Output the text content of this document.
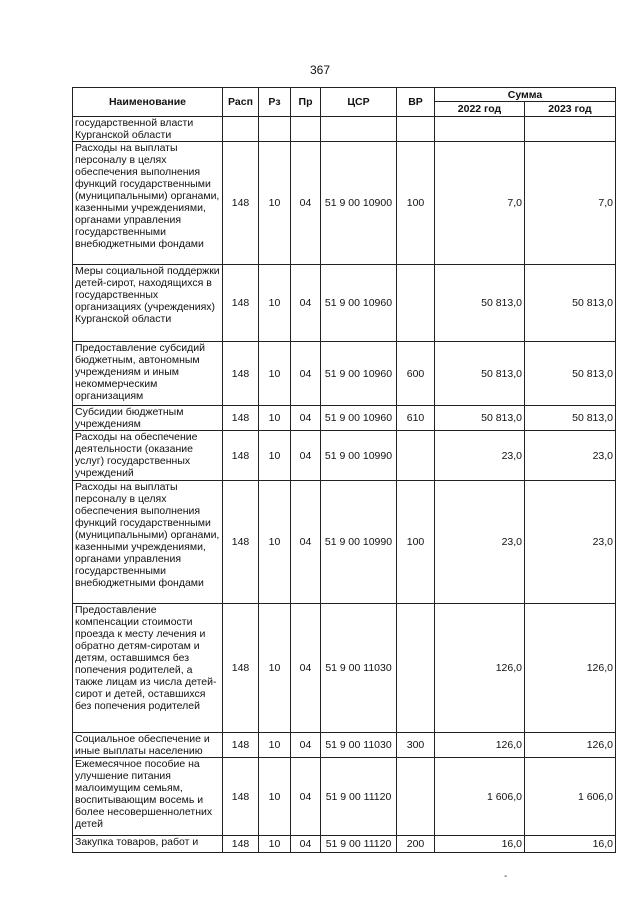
367
Наименование	Расп	Рз	Пр	ЦСР	ВР	Сумма	
						2022 год	2023 год
государственной власти Курганской области							
Расходы на выплаты персоналу в целях обеспечения выполнения функций государственными (муниципальными) органами, казенными учреждениями, органами управления государственными внебюджетными фондами	148	10	04	51 9 00 10900	100	7,0	7,0
Меры социальной поддержки детей-сирот, находящихся в государственных организациях (учреждениях) Курганской области	148	10	04	51 9 00 10960		50 813,0	50 813,0
Предоставление субсидий бюджетным, автономным учреждениям и иным некоммерческим организациям	148	10	04	51 9 00 10960	600	50 813,0	50 813,0
Субсидии бюджетным учреждениям	148	10	04	51 9 00 10960	610	50 813,0	50 813,0
Расходы на обеспечение деятельности (оказание услуг) государственных учреждений	148	10	04	51 9 00 10990		23,0	23,0
Расходы на выплаты персоналу в целях обеспечения выполнения функций государственными (муниципальными) органами, казенными учреждениями, органами управления государственными внебюджетными фондами	148	10	04	51 9 00 10990	100	23,0	23,0
Предоставление компенсации стоимости проезда к месту лечения и обратно детям-сиротам и детям, оставшимся без попечения родителей, а также лицам из числа детей-сирот и детей, оставшихся без попечения родителей	148	10	04	51 9 00 11030		126,0	126,0
Социальное обеспечение и иные выплаты населению	148	10	04	51 9 00 11030	300	126,0	126,0
Ежемесячное пособие на улучшение питания малоимущим семьям, воспитывающим восемь и более несовершеннолетних детей	148	10	04	51 9 00 11120		1 606,0	1 606,0
Закупка товаров, работ и	148	10	04	51 9 00 11120	200	16,0	16,0
-
